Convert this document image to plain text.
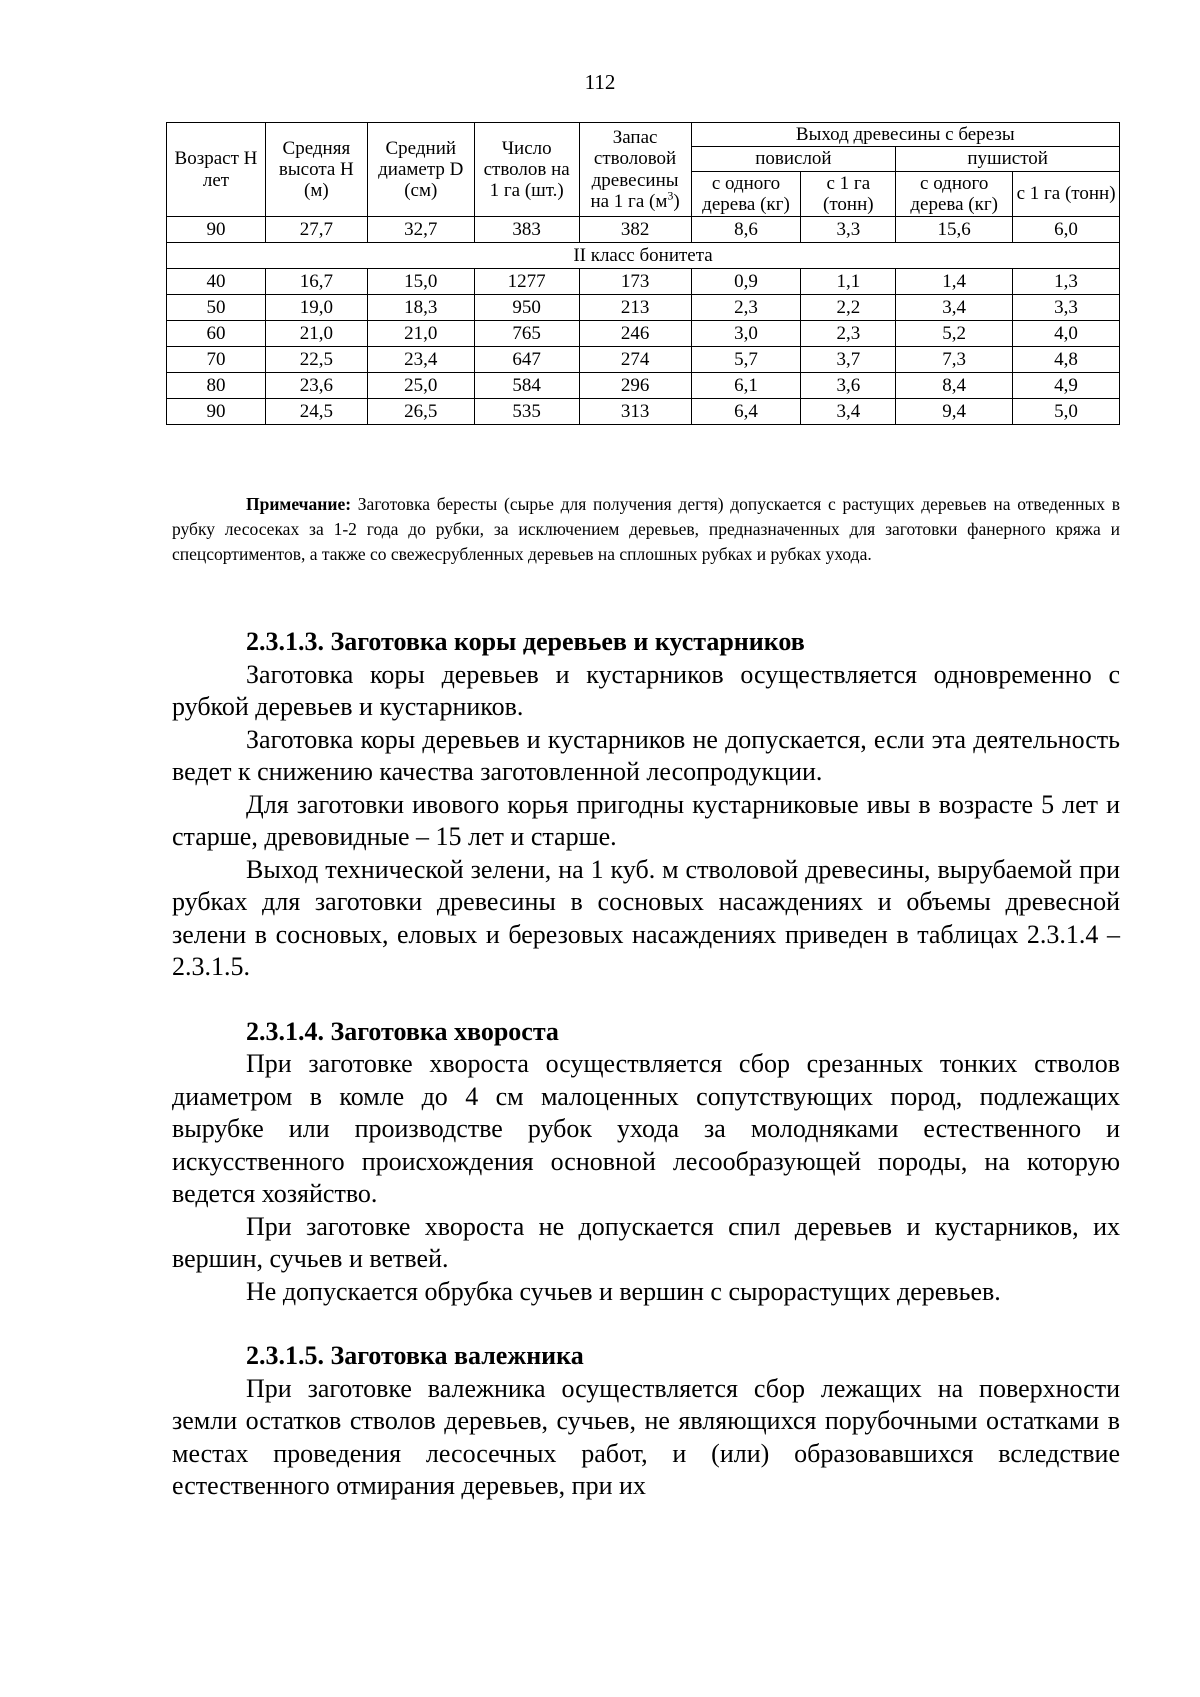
112
Возраст Н лет	Средняя высота Н (м)	Средний диаметр D (см)	Число стволов на 1 га (шт.)	Запас стволовой древесины на 1 га $(м^3)$	Выход древесины с березы			
					повислой		пушистой	
					с одного дерева (кг)	с 1 га (тонн)	с одного дерева (кг)	с 1 га (тонн)
90	27,7	32,7	383	382	8,6	3,3	15,6	6,0
II класс бонитета								
40	16,7	15,0	1277	173	0,9	1,1	1,4	1,3
50	19,0	18,3	950	213	2,3	2,2	3,4	3,3
60	21,0	21,0	765	246	3,0	2,3	5,2	4,0
70	22,5	23,4	647	274	5,7	3,7	7,3	4,8
80	23,6	25,0	584	296	6,1	3,6	8,4	4,9
90	24,5	26,5	535	313	6,4	3,4	9,4	5,0
Примечание: Заготовка бересты (сырье для получения дегтя) допускается с растущих деревьев на отведенных в рубку лесосеках за 1-2 года до рубки, за исключением деревьев, предназначенных для заготовки фанерного кряжа и спецсортиментов, а также со свежесрубленных деревьев на сплошных рубках и рубках ухода.
2.3.1.3. Заготовка коры деревьев и кустарников

Заготовка коры деревьев и кустарников осуществляется одновременно с рубкой деревьев и кустарников.

Заготовка коры деревьев и кустарников не допускается, если эта деятельность ведет к снижению качества заготовленной лесопродукции.

Для заготовки ивового корья пригодны кустарниковые ивы в возрасте 5 лет и старше, древовидные – 15 лет и старше.

Выход технической зелени, на 1 куб. м стволовой древесины, вырубаемой при рубках для заготовки древесины в сосновых насаждениях и объемы древесной зелени в сосновых, еловых и березовых насаждениях приведен в таблицах 2.3.1.4 – 2.3.1.5.

2.3.1.4. Заготовка хвороста

При заготовке хвороста осуществляется сбор срезанных тонких стволов диаметром в комле до 4 см малоценных сопутствующих пород, подлежащих вырубке или производстве рубок ухода за молодняками естественного и искусственного происхождения основной лесообразующей породы, на которую ведется хозяйство.

При заготовке хвороста не допускается спил деревьев и кустарников, их вершин, сучьев и ветвей.

Не допускается обрубка сучьев и вершин с сырорастущих деревьев.

2.3.1.5. Заготовка валежника

При заготовке валежника осуществляется сбор лежащих на поверхности земли остатков стволов деревьев, сучьев, не являющихся порубочными остатками в местах проведения лесосечных работ, и (или) образовавшихся вследствие естественного отмирания деревьев, при их
